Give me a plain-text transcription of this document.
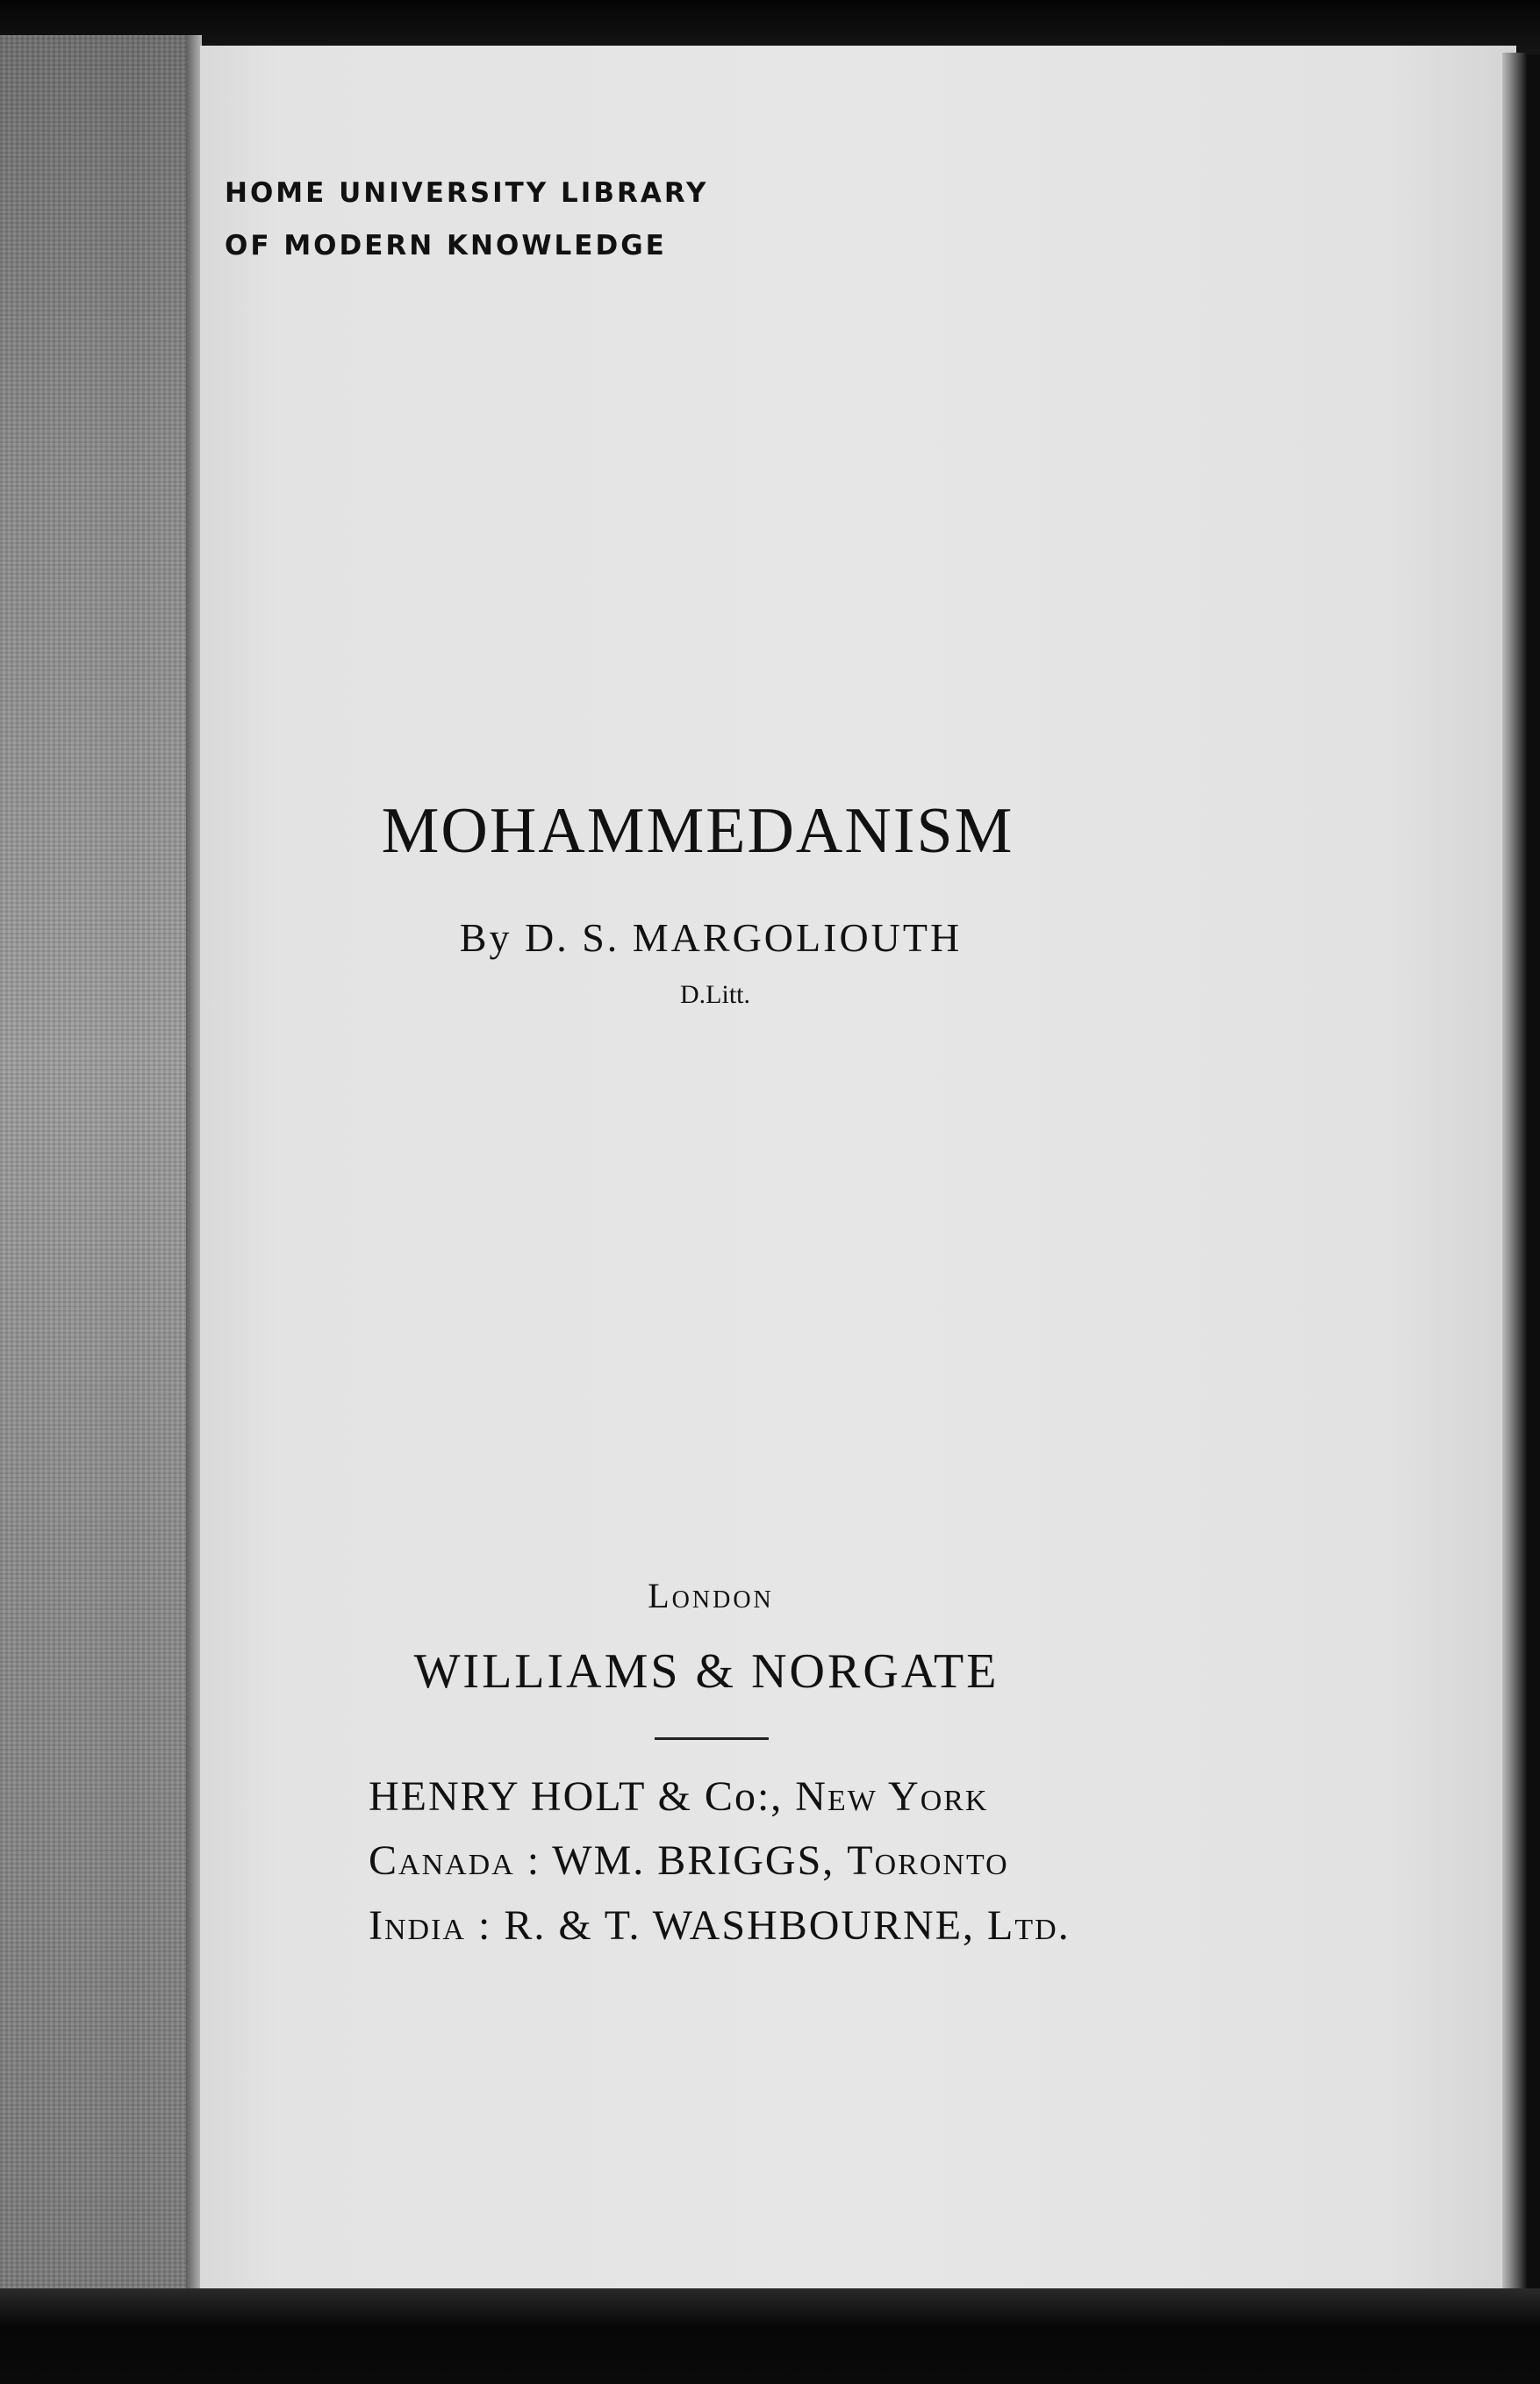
HOME UNIVERSITY LIBRARY

OF MODERN KNOWLEDGE

MOHAMMEDANISM

By D. S. MARGOLIOUTH

D.Litt.

London

WILLIAMS & NORGATE

HENRY HOLT & Co:, New York

Canada : WM. BRIGGS, Toronto

India : R. & T. WASHBOURNE, Ltd.
